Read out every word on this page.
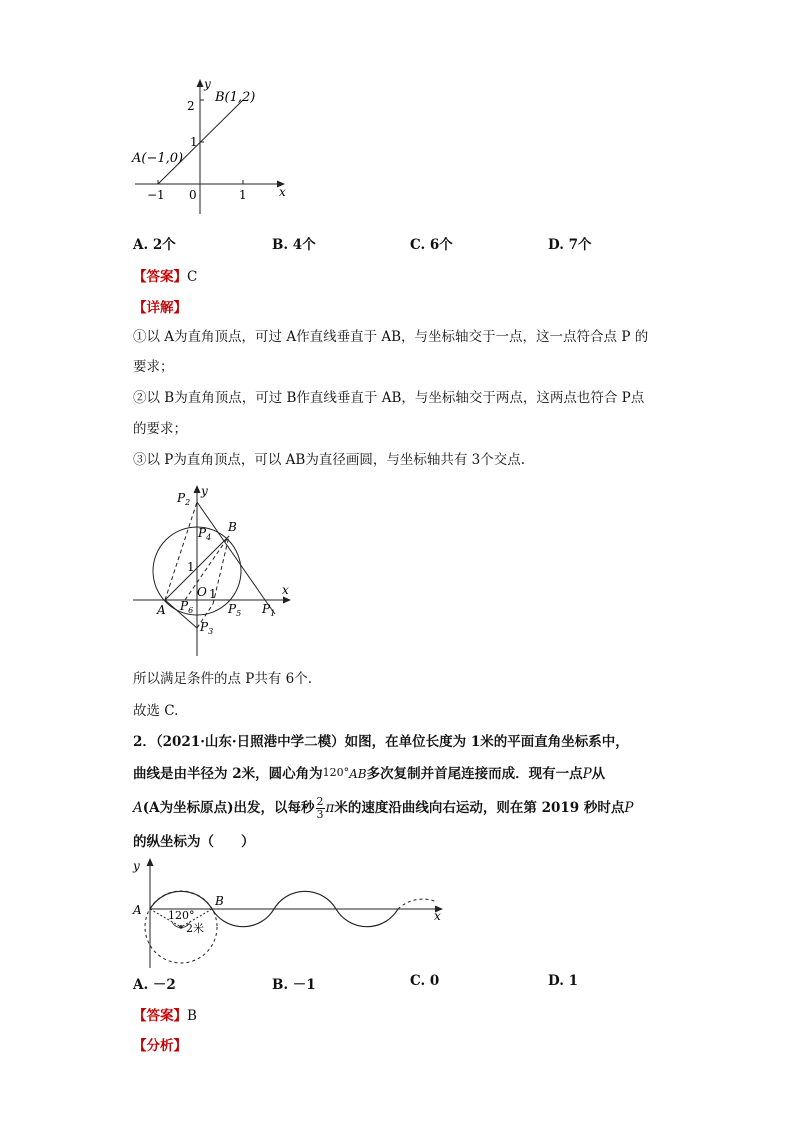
y
x
B(1,2)
A(−1,0)
2
1
−1 0	1
A. 2个	B. 4个	C. 6个	D. 7个
【答案】C
【详解】
①以 A为直角顶点，可过 A作直线垂直于 AB，与坐标轴交于一点，这一点符合点 P 的
要求；
②以 B为直角顶点，可过 B作直线垂直于 AB，与坐标轴交于两点，这两点也符合 P点
的要求；
③以 P为直角顶点，可以 AB为直径画圆，与坐标轴共有 3个交点.
y
x
B
A
O
1
1
$P_2$
$P_4$
$P_6$	$P_5$ $P_1$
$P_3$
所以满足条件的点 P共有 6个.
故选 C.
2．（2021·山东·日照港中学二模）如图，在单位长度为 1米的平面直角坐标系中，
曲线是由半径为 2米，圆心角为120°AB多次复制并首尾连接而成．现有一点P从
A(A为坐标原点)出发，以每秒 $\frac{2}{3}$ π米的速度沿曲线向右运动，则在第 2019 秒时点P
的纵坐标为（　　）
y
x
A
B
120°
2米
A. －2	B. －1	C. 0	D. 1
【答案】B
【分析】
